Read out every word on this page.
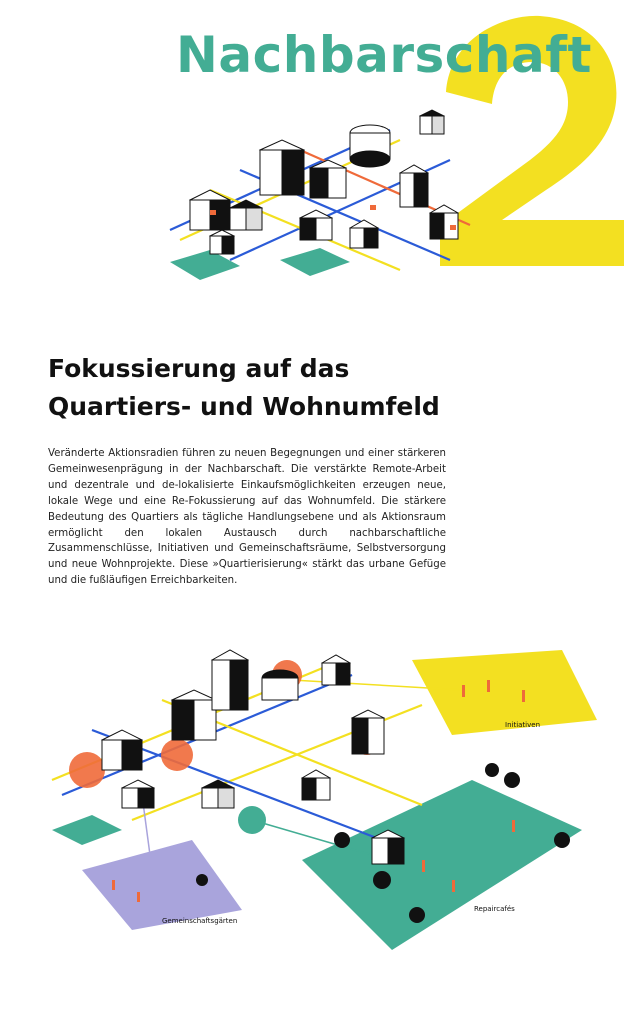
Nachbarschaft
Fokussierung auf das
Quartiers- und Wohnumfeld
Veränderte Aktionsradien führen zu neuen Begegnungen und einer stärkeren Gemeinwesenprägung in der Nachbarschaft. Die verstärkte Remote-Arbeit und dezentrale und de-lokalisierte Einkaufsmöglichkeiten erzeugen neue, lokale Wege und eine Re-Fokussierung auf das Wohnumfeld. Die stärkere Bedeutung des Quartiers als tägliche Handlungsebene und als Aktionsraum ermöglicht den lokalen Austausch durch nachbarschaftliche Zusammenschlüsse, Initiativen und Gemeinschaftsräume, Selbstversorgung und neue Wohnprojekte. Diese »Quartierisierung« stärkt das urbane Gefüge und die fußläufigen Erreichbarkeiten.
Initiativen
Gemeinschaftsgärten
Repaircafés
